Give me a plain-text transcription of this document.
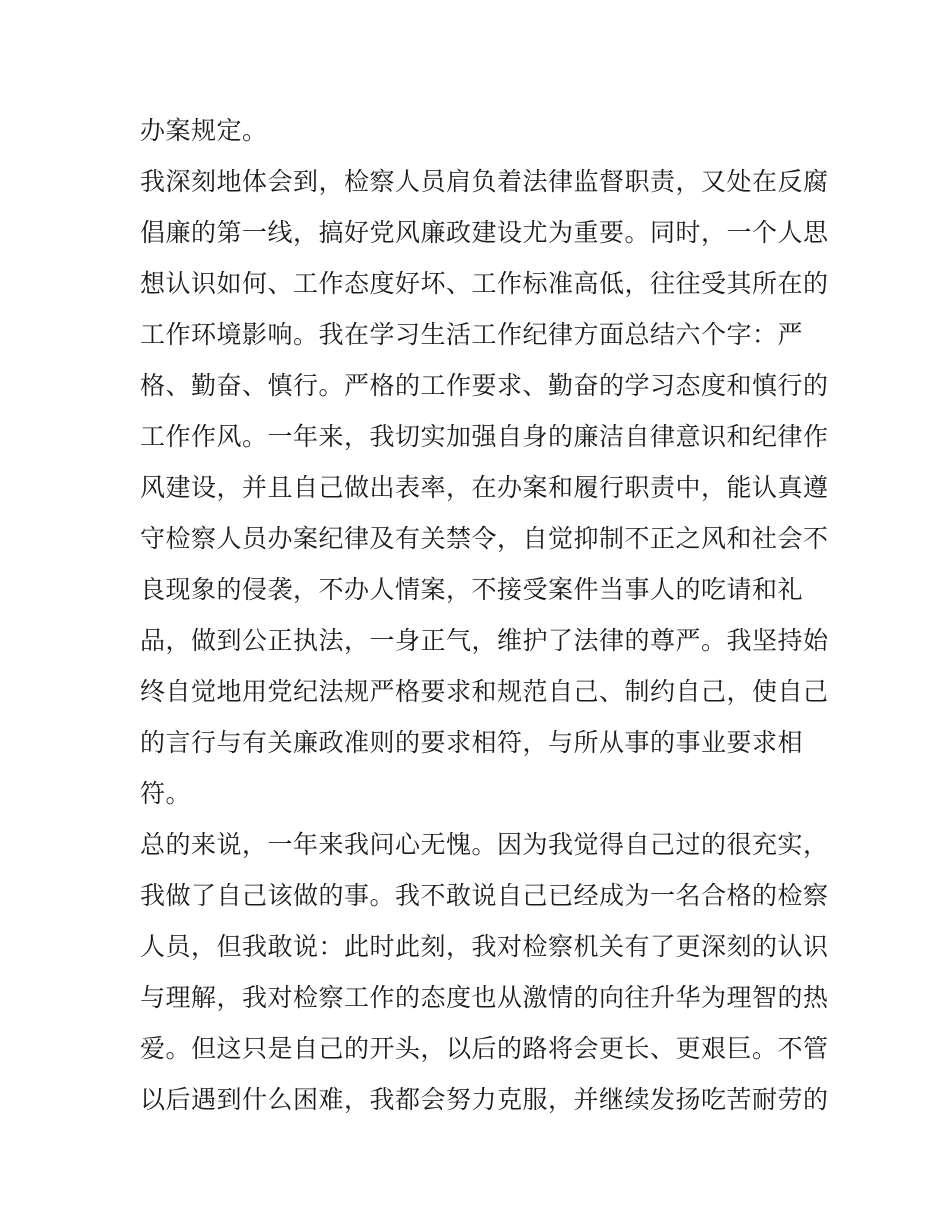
办案规定。
我深刻地体会到，检察人员肩负着法律监督职责，又处在反腐
倡廉的第一线，搞好党风廉政建设尤为重要。同时，一个人思
想认识如何、工作态度好坏、工作标准高低，往往受其所在的
工作环境影响。我在学习生活工作纪律方面总结六个字：严
格、勤奋、慎行。严格的工作要求、勤奋的学习态度和慎行的
工作作风。一年来，我切实加强自身的廉洁自律意识和纪律作
风建设，并且自己做出表率，在办案和履行职责中，能认真遵
守检察人员办案纪律及有关禁令，自觉抑制不正之风和社会不
良现象的侵袭，不办人情案，不接受案件当事人的吃请和礼
品，做到公正执法，一身正气，维护了法律的尊严。我坚持始
终自觉地用党纪法规严格要求和规范自己、制约自己，使自己
的言行与有关廉政准则的要求相符，与所从事的事业要求相
符。
总的来说，一年来我问心无愧。因为我觉得自己过的很充实，
我做了自己该做的事。我不敢说自己已经成为一名合格的检察
人员，但我敢说：此时此刻，我对检察机关有了更深刻的认识
与理解，我对检察工作的态度也从激情的向往升华为理智的热
爱。但这只是自己的开头，以后的路将会更长、更艰巨。不管
以后遇到什么困难，我都会努力克服，并继续发扬吃苦耐劳的
